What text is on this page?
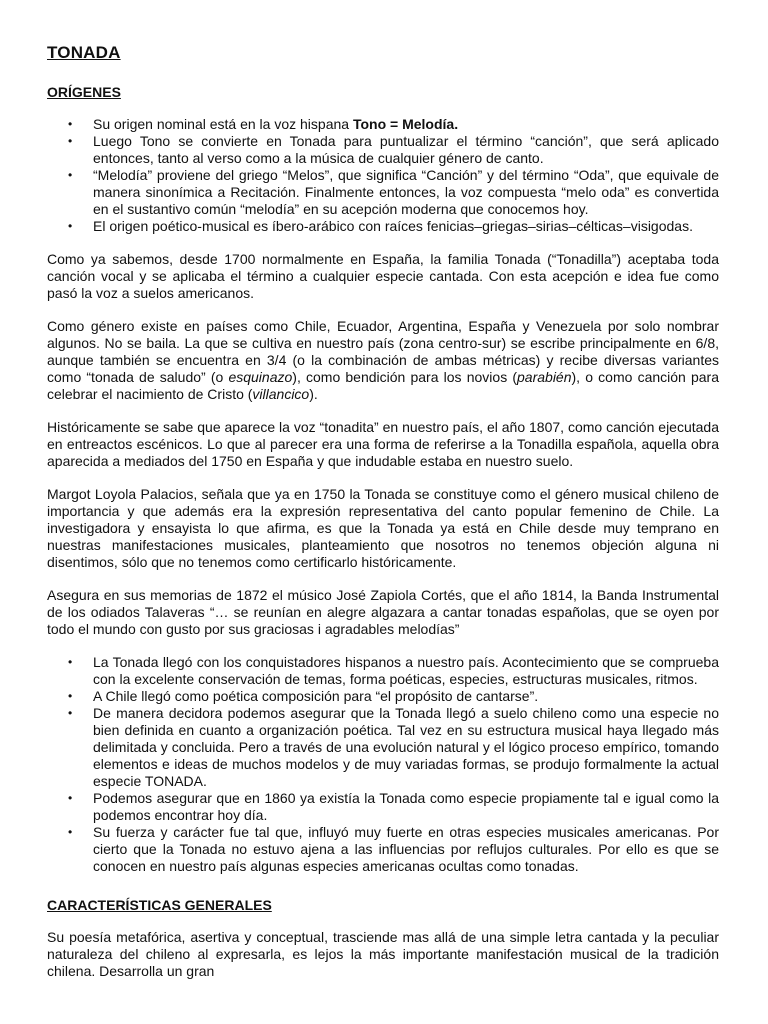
TONADA
ORÍGENES
• Su origen nominal está en la voz hispana Tono = Melodía.
• Luego Tono se convierte en Tonada para puntualizar el término “canción”, que será aplicado entonces, tanto al verso como a la música de cualquier género de canto.
• “Melodía” proviene del griego “Melos”, que significa “Canción” y del término “Oda”, que equivale de manera sinonímica a Recitación. Finalmente entonces, la voz compuesta “melo oda” es convertida en el sustantivo común “melodía” en su acepción moderna que conocemos hoy.
• El origen poético-musical es íbero-arábico con raíces fenicias–griegas–sirias–célticas–visigodas.

Como ya sabemos, desde 1700 normalmente en España, la familia Tonada (“Tonadilla”) aceptaba toda canción vocal y se aplicaba el término a cualquier especie cantada. Con esta acepción e idea fue como pasó la voz a suelos americanos.

Como género existe en países como Chile, Ecuador, Argentina, España y Venezuela por solo nombrar algunos. No se baila. La que se cultiva en nuestro país (zona centro-sur) se escribe principalmente en 6/8, aunque también se encuentra en 3/4 (o la combinación de ambas métricas) y recibe diversas variantes como “tonada de saludo” (o esquinazo), como bendición para los novios (parabién), o como canción para celebrar el nacimiento de Cristo (villancico).

Históricamente se sabe que aparece la voz “tonadita” en nuestro país, el año 1807, como canción ejecutada en entreactos escénicos. Lo que al parecer era una forma de referirse a la Tonadilla española, aquella obra aparecida a mediados del 1750 en España y que indudable estaba en nuestro suelo.

Margot Loyola Palacios, señala que ya en 1750 la Tonada se constituye como el género musical chileno de importancia y que además era la expresión representativa del canto popular femenino de Chile. La investigadora y ensayista lo que afirma, es que la Tonada ya está en Chile desde muy temprano en nuestras manifestaciones musicales, planteamiento que nosotros no tenemos objeción alguna ni disentimos, sólo que no tenemos como certificarlo históricamente.

Asegura en sus memorias de 1872 el músico José Zapiola Cortés, que el año 1814, la Banda Instrumental de los odiados Talaveras “… se reunían en alegre algazara a cantar tonadas españolas, que se oyen por todo el mundo con gusto por sus graciosas i agradables melodías”

• La Tonada llegó con los conquistadores hispanos a nuestro país. Acontecimiento que se comprueba con la excelente conservación de temas, forma poéticas, especies, estructuras musicales, ritmos.
• A Chile llegó como poética composición para “el propósito de cantarse”.
• De manera decidora podemos asegurar que la Tonada llegó a suelo chileno como una especie no bien definida en cuanto a organización poética. Tal vez en su estructura musical haya llegado más delimitada y concluida. Pero a través de una evolución natural y el lógico proceso empírico, tomando elementos e ideas de muchos modelos y de muy variadas formas, se produjo formalmente la actual especie TONADA.
• Podemos asegurar que en 1860 ya existía la Tonada como especie propiamente tal e igual como la podemos encontrar hoy día.
• Su fuerza y carácter fue tal que, influyó muy fuerte en otras especies musicales americanas. Por cierto que la Tonada no estuvo ajena a las influencias por reflujos culturales. Por ello es que se conocen en nuestro país algunas especies americanas ocultas como tonadas.
CARACTERÍSTICAS GENERALES

Su poesía metafórica, asertiva y conceptual, trasciende mas allá de una simple letra cantada y la peculiar naturaleza del chileno al expresarla, es lejos la más importante manifestación musical de la tradición chilena. Desarrolla un gran
